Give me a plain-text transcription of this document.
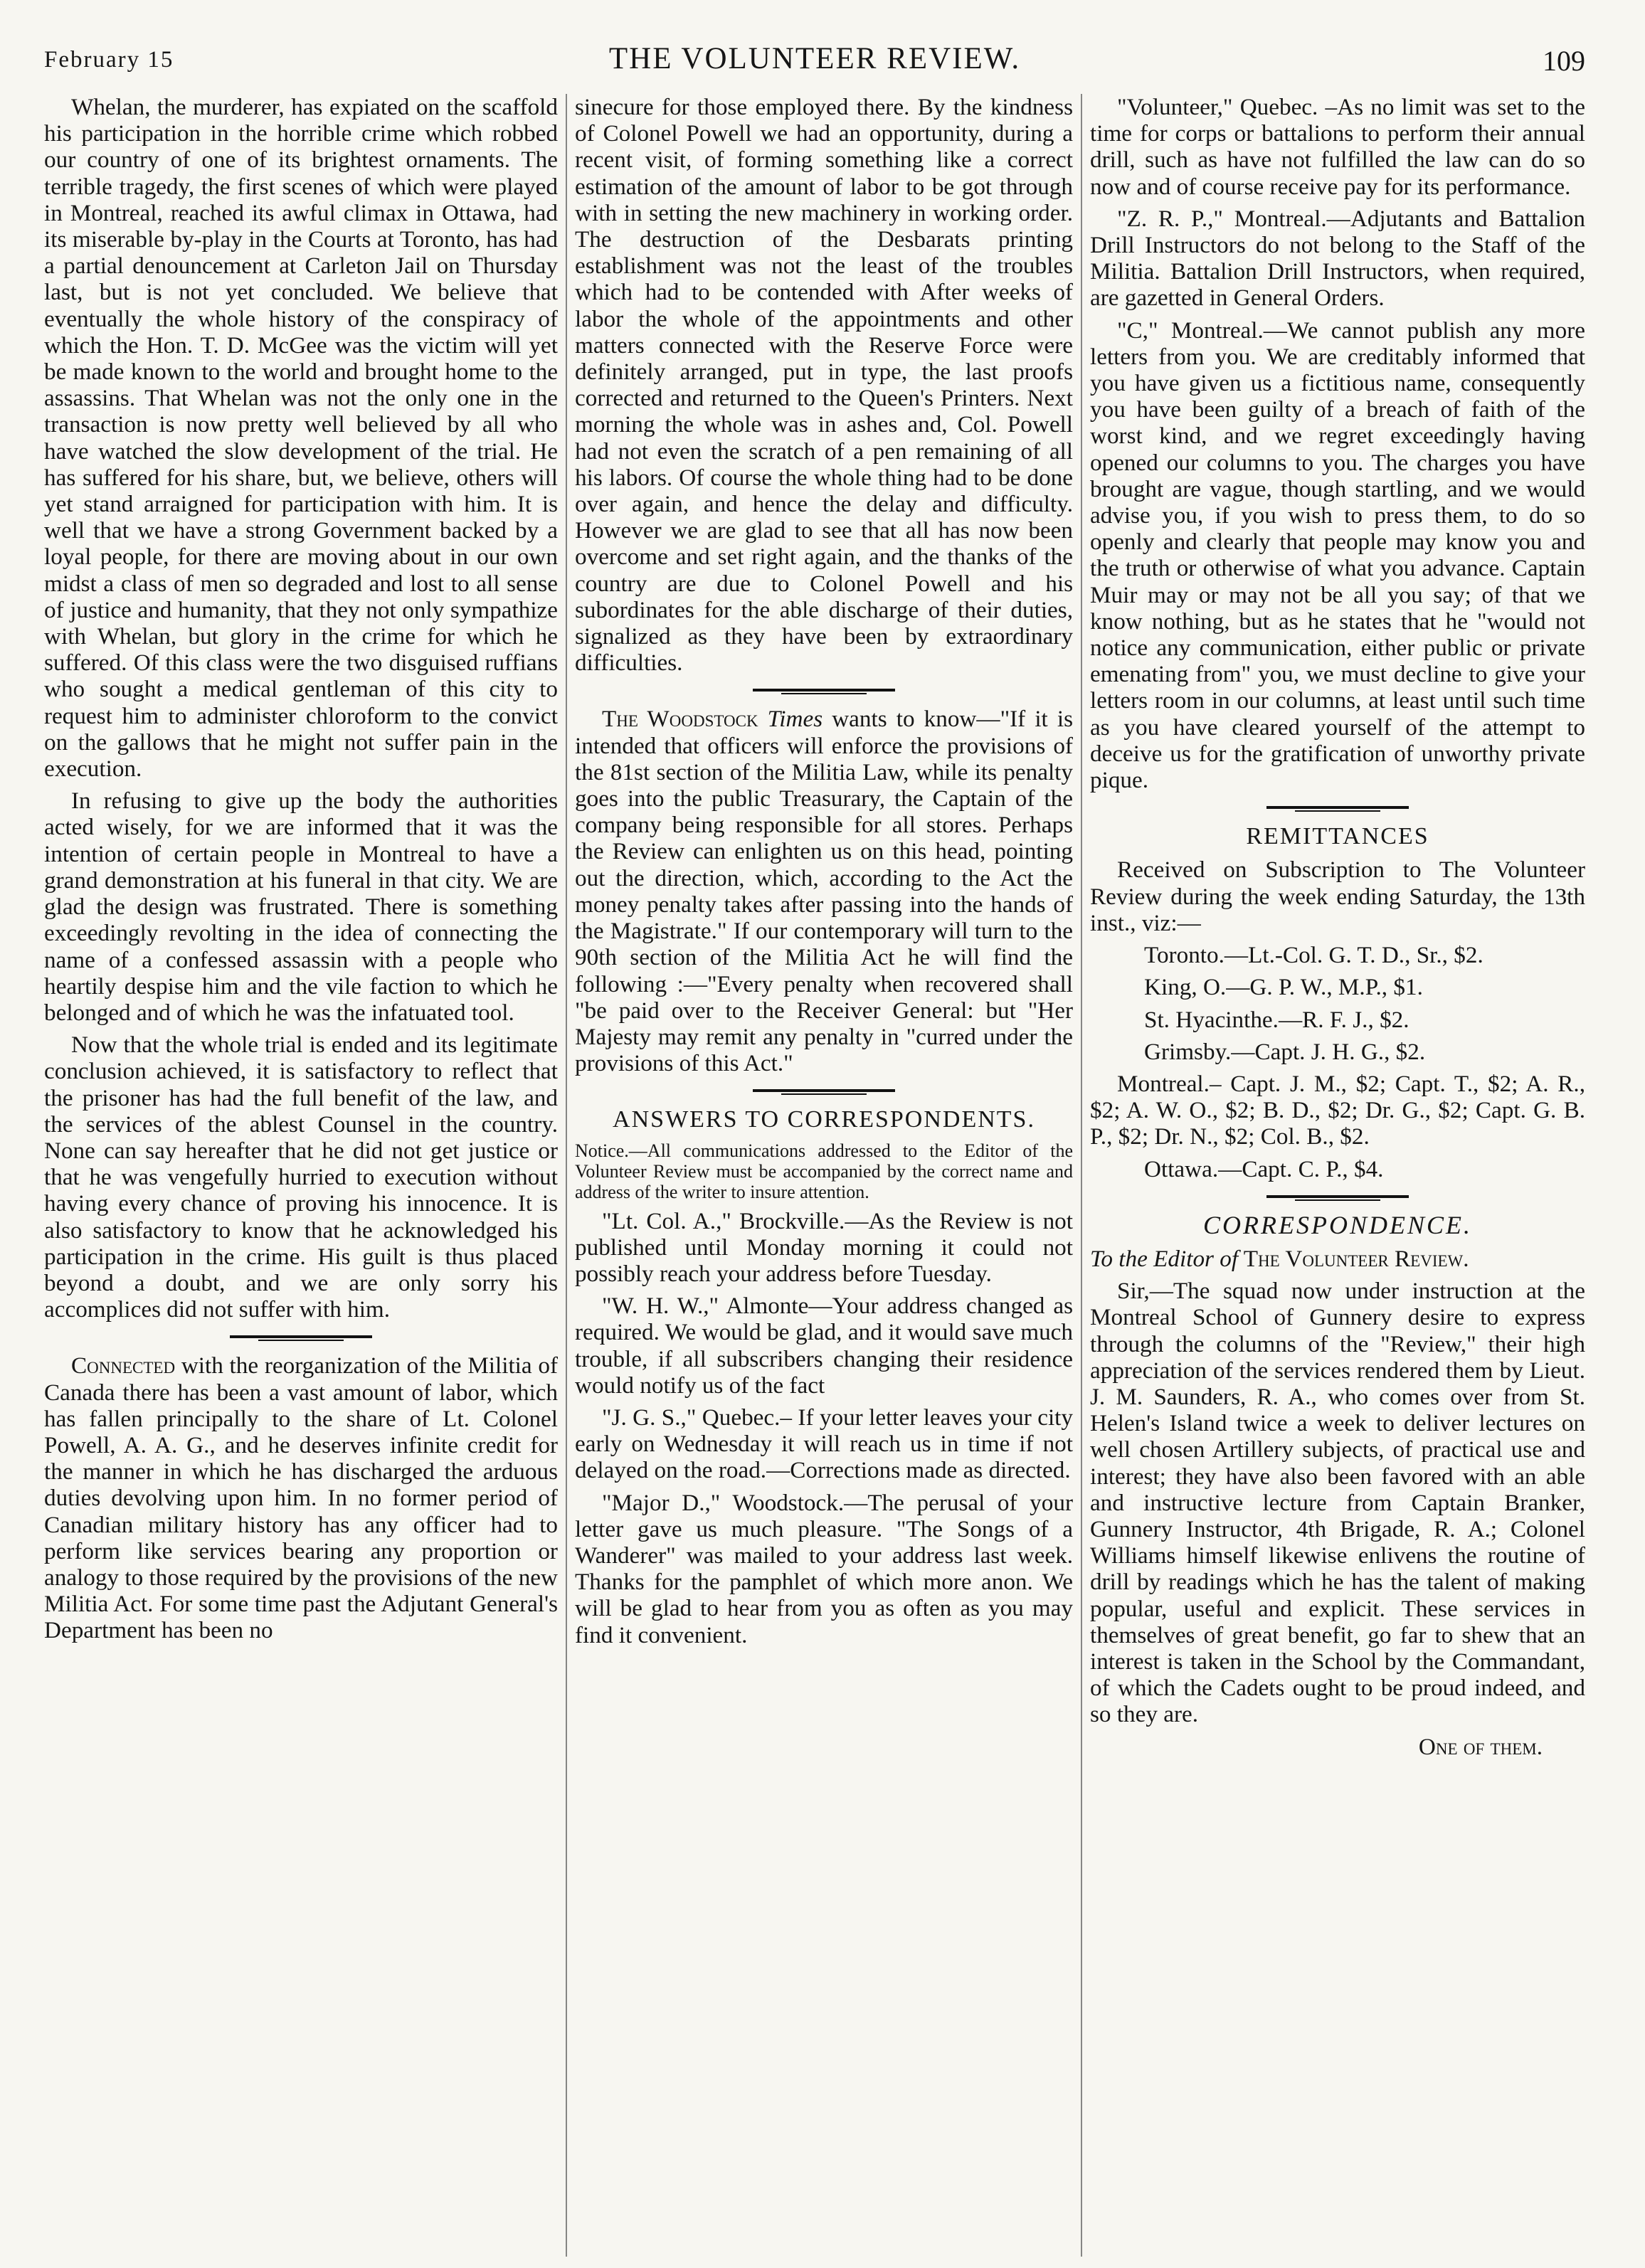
February 15	THE VOLUNTEER REVIEW.	109

Whelan, the murderer, has expiated on the scaffold his participation in the horrible crime which robbed our country of one of its brightest ornaments. The terrible tragedy, the first scenes of which were played in Montreal, reached its awful climax in Ottawa, had its miserable by-play in the Courts at Toronto, has had a partial denouncement at Carleton Jail on Thursday last, but is not yet concluded. We believe that eventually the whole history of the conspiracy of which the Hon. T. D. McGee was the victim will yet be made known to the world and brought home to the assassins. That Whelan was not the only one in the transaction is now pretty well believed by all who have watched the slow development of the trial. He has suffered for his share, but, we believe, others will yet stand arraigned for participation with him. It is well that we have a strong Government backed by a loyal people, for there are moving about in our own midst a class of men so degraded and lost to all sense of justice and humanity, that they not only sympathize with Whelan, but glory in the crime for which he suffered. Of this class were the two disguised ruffians who sought a medical gentleman of this city to request him to administer chloroform to the convict on the gallows that he might not suffer pain in the execution.

In refusing to give up the body the authorities acted wisely, for we are informed that it was the intention of certain people in Montreal to have a grand demonstration at his funeral in that city. We are glad the design was frustrated. There is something exceedingly revolting in the idea of connecting the name of a confessed assassin with a people who heartily despise him and the vile faction to which he belonged and of which he was the infatuated tool.

Now that the whole trial is ended and its legitimate conclusion achieved, it is satisfactory to reflect that the prisoner has had the full benefit of the law, and the services of the ablest Counsel in the country. None can say hereafter that he did not get justice or that he was vengefully hurried to execution without having every chance of proving his innocence. It is also satisfactory to know that he acknowledged his participation in the crime. His guilt is thus placed beyond a doubt, and we are only sorry his accomplices did not suffer with him.

Connected with the reorganization of the Militia of Canada there has been a vast amount of labor, which has fallen principally to the share of Lt. Colonel Powell, A. A. G., and he deserves infinite credit for the manner in which he has discharged the arduous duties devolving upon him. In no former period of Canadian military history has any officer had to perform like services bearing any proportion or analogy to those required by the provisions of the new Militia Act. For some time past the Adjutant General's Department has been no

sinecure for those employed there. By the kindness of Colonel Powell we had an opportunity, during a recent visit, of forming something like a correct estimation of the amount of labor to be got through with in setting the new machinery in working order. The destruction of the Desbarats printing establishment was not the least of the troubles which had to be contended with After weeks of labor the whole of the appointments and other matters connected with the Reserve Force were definitely arranged, put in type, the last proofs corrected and returned to the Queen's Printers. Next morning the whole was in ashes and, Col. Powell had not even the scratch of a pen remaining of all his labors. Of course the whole thing had to be done over again, and hence the delay and difficulty. However we are glad to see that all has now been overcome and set right again, and the thanks of the country are due to Colonel Powell and his subordinates for the able discharge of their duties, signalized as they have been by extraordinary difficulties.

The Woodstock Times wants to know—"If it is intended that officers will enforce the provisions of the 81st section of the Militia Law, while its penalty goes into the public Treasurary, the Captain of the company being responsible for all stores. Perhaps the Review can enlighten us on this head, pointing out the direction, which, according to the Act the money penalty takes after passing into the hands of the Magistrate." If our contemporary will turn to the 90th section of the Militia Act he will find the following :—"Every penalty when recovered shall "be paid over to the Receiver General: but "Her Majesty may remit any penalty in "curred under the provisions of this Act."

ANSWERS TO CORRESPONDENTS.

Notice.—All communications addressed to the Editor of the Volunteer Review must be accompanied by the correct name and address of the writer to insure attention.

"Lt. Col. A.," Brockville.—As the Review is not published until Monday morning it could not possibly reach your address before Tuesday.

"W. H. W.," Almonte—Your address changed as required. We would be glad, and it would save much trouble, if all subscribers changing their residence would notify us of the fact

"J. G. S.," Quebec.– If your letter leaves your city early on Wednesday it will reach us in time if not delayed on the road.—Corrections made as directed.

"Major D.," Woodstock.—The perusal of your letter gave us much pleasure. "The Songs of a Wanderer" was mailed to your address last week. Thanks for the pamphlet of which more anon. We will be glad to hear from you as often as you may find it convenient.

"Volunteer," Quebec. –As no limit was set to the time for corps or battalions to perform their annual drill, such as have not fulfilled the law can do so now and of course receive pay for its performance.

"Z. R. P.," Montreal.—Adjutants and Battalion Drill Instructors do not belong to the Staff of the Militia. Battalion Drill Instructors, when required, are gazetted in General Orders.

"C," Montreal.—We cannot publish any more letters from you. We are creditably informed that you have given us a fictitious name, consequently you have been guilty of a breach of faith of the worst kind, and we regret exceedingly having opened our columns to you. The charges you have brought are vague, though startling, and we would advise you, if you wish to press them, to do so openly and clearly that people may know you and the truth or otherwise of what you advance. Captain Muir may or may not be all you say; of that we know nothing, but as he states that he "would not notice any communication, either public or private emenating from" you, we must decline to give your letters room in our columns, at least until such time as you have cleared yourself of the attempt to deceive us for the gratification of unworthy private pique.

REMITTANCES

Received on Subscription to The Volunteer Review during the week ending Saturday, the 13th inst., viz:—

Toronto.—Lt.-Col. G. T. D., Sr., $2.

King, O.—G. P. W., M.P., $1.

St. Hyacinthe.—R. F. J., $2.

Grimsby.—Capt. J. H. G., $2.

Montreal.– Capt. J. M., $2; Capt. T., $2; A. R., $2; A. W. O., $2; B. D., $2; Dr. G., $2; Capt. G. B. P., $2; Dr. N., $2; Col. B., $2.

Ottawa.—Capt. C. P., $4.

CORRESPONDENCE.

To the Editor of The Volunteer Review.

Sir,—The squad now under instruction at the Montreal School of Gunnery desire to express through the columns of the "Review," their high appreciation of the services rendered them by Lieut. J. M. Saunders, R. A., who comes over from St. Helen's Island twice a week to deliver lectures on well chosen Artillery subjects, of practical use and interest; they have also been favored with an able and instructive lecture from Captain Branker, Gunnery Instructor, 4th Brigade, R. A.; Colonel Williams himself likewise enlivens the routine of drill by readings which he has the talent of making popular, useful and explicit. These services in themselves of great benefit, go far to shew that an interest is taken in the School by the Commandant, of which the Cadets ought to be proud indeed, and so they are.

One of them.
